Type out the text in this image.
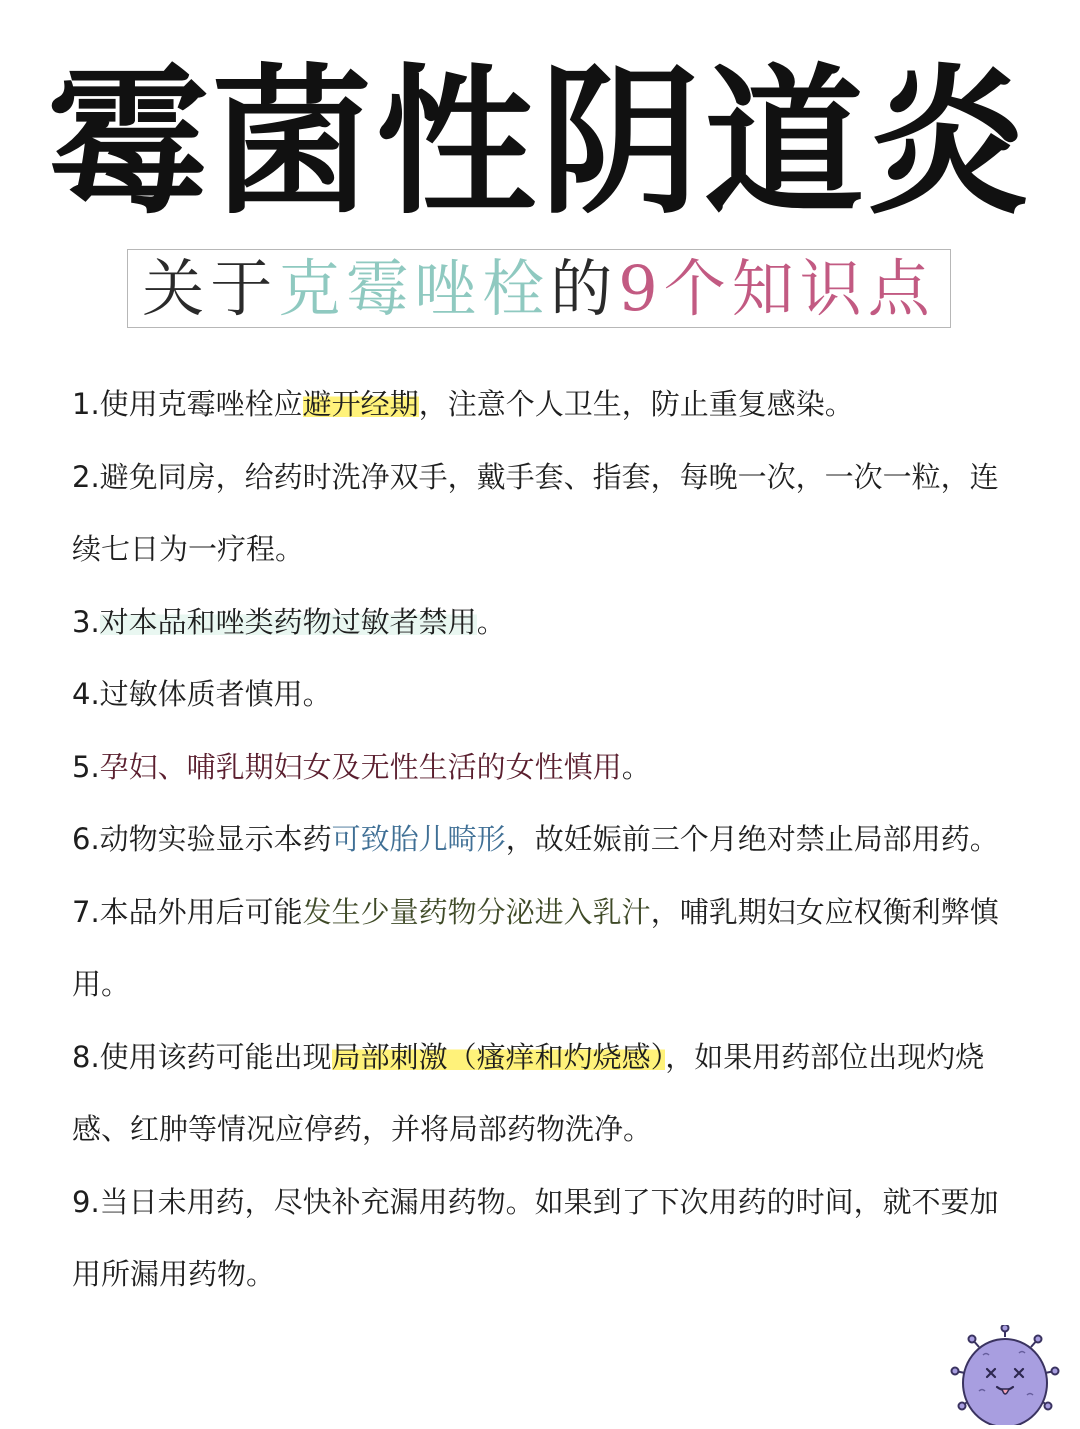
霉菌性阴道炎
关于克霉唑栓的9个知识点

1.使用克霉唑栓应避开经期，注意个人卫生，防止重复感染。

2.避免同房，给药时洗净双手，戴手套、指套，每晚一次，一次一粒，连续七日为一疗程。

3.对本品和唑类药物过敏者禁用。

4.过敏体质者慎用。

5.孕妇、哺乳期妇女及无性生活的女性慎用。

6.动物实验显示本药可致胎儿畸形，故妊娠前三个月绝对禁止局部用药。

7.本品外用后可能发生少量药物分泌进入乳汁，哺乳期妇女应权衡利弊慎用。

8.使用该药可能出现局部刺激（瘙痒和灼烧感），如果用药部位出现灼烧感、红肿等情况应停药，并将局部药物洗净。

9.当日未用药，尽快补充漏用药物。如果到了下次用药的时间，就不要加用所漏用药物。
